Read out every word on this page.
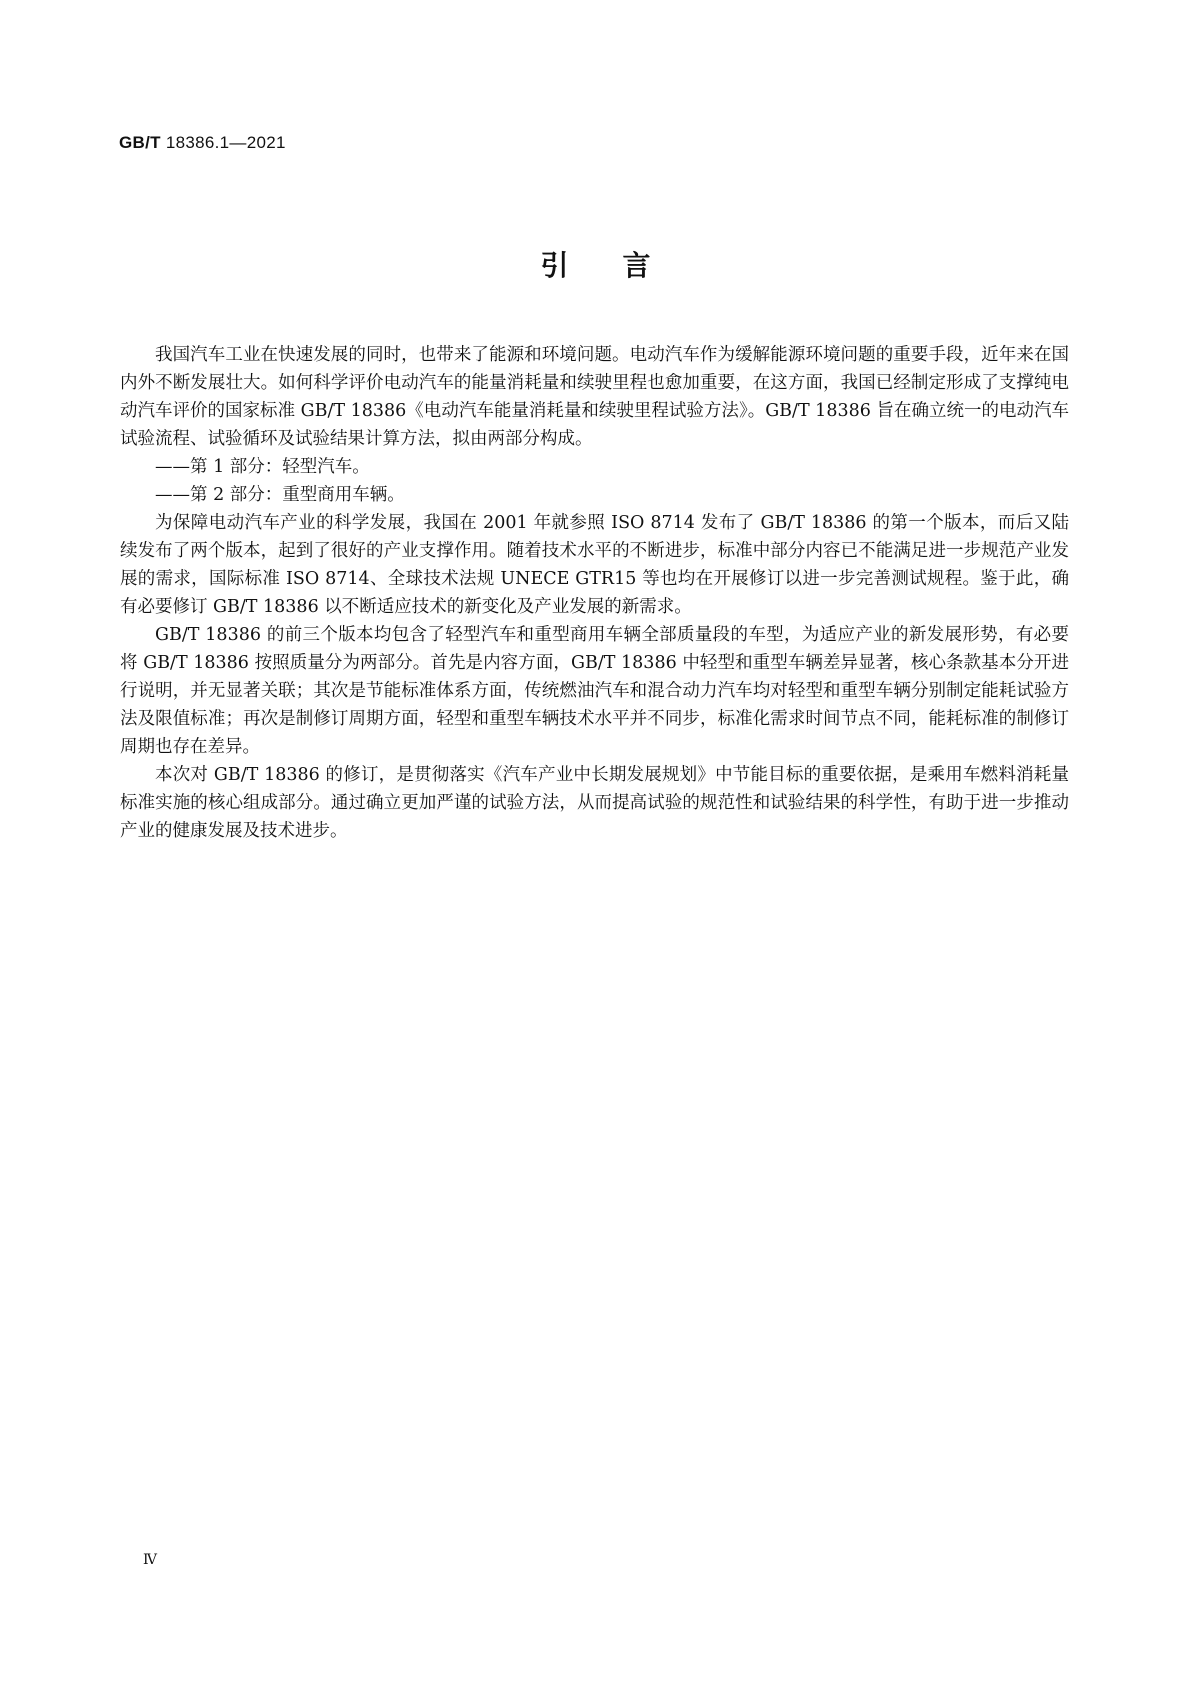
GB/T 18386.1—2021
引言

我国汽车工业在快速发展的同时，也带来了能源和环境问题。电动汽车作为缓解能源环境问题的重要手段，近年来在国内外不断发展壮大。如何科学评价电动汽车的能量消耗量和续驶里程也愈加重要，在这方面，我国已经制定形成了支撑纯电动汽车评价的国家标准 GB/T 18386《电动汽车能量消耗量和续驶里程试验方法》。GB/T 18386 旨在确立统一的电动汽车试验流程、试验循环及试验结果计算方法，拟由两部分构成。

——第 1 部分：轻型汽车。

——第 2 部分：重型商用车辆。

为保障电动汽车产业的科学发展，我国在 2001 年就参照 ISO 8714 发布了 GB/T 18386 的第一个版本，而后又陆续发布了两个版本，起到了很好的产业支撑作用。随着技术水平的不断进步，标准中部分内容已不能满足进一步规范产业发展的需求，国际标准 ISO 8714、全球技术法规 UNECE GTR15 等也均在开展修订以进一步完善测试规程。鉴于此，确有必要修订 GB/T 18386 以不断适应技术的新变化及产业发展的新需求。

GB/T 18386 的前三个版本均包含了轻型汽车和重型商用车辆全部质量段的车型，为适应产业的新发展形势，有必要将 GB/T 18386 按照质量分为两部分。首先是内容方面，GB/T 18386 中轻型和重型车辆差异显著，核心条款基本分开进行说明，并无显著关联；其次是节能标准体系方面，传统燃油汽车和混合动力汽车均对轻型和重型车辆分别制定能耗试验方法及限值标准；再次是制修订周期方面，轻型和重型车辆技术水平并不同步，标准化需求时间节点不同，能耗标准的制修订周期也存在差异。

本次对 GB/T 18386 的修订，是贯彻落实《汽车产业中长期发展规划》中节能目标的重要依据，是乘用车燃料消耗量标准实施的核心组成部分。通过确立更加严谨的试验方法，从而提高试验的规范性和试验结果的科学性，有助于进一步推动产业的健康发展及技术进步。

Ⅳ
